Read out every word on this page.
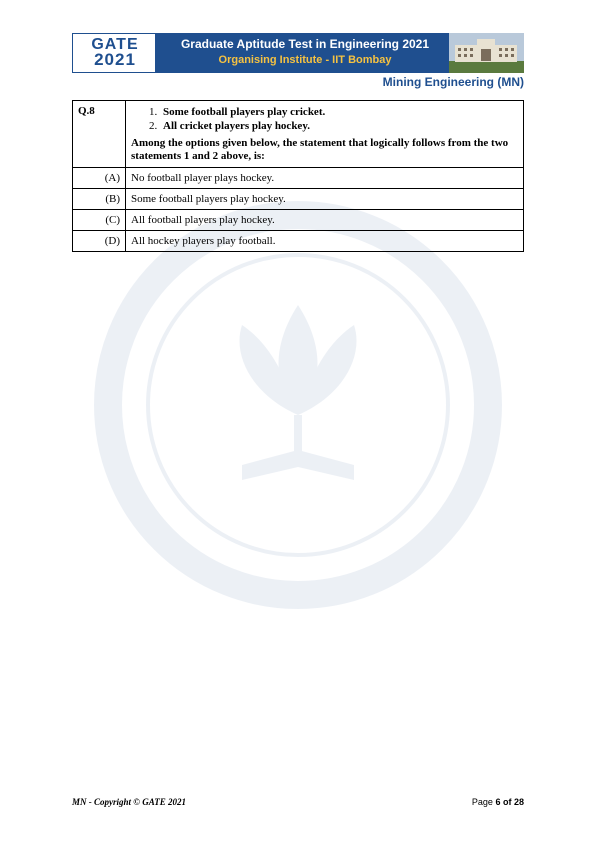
GATE
2021
Graduate Aptitude Test in Engineering 2021
Organising Institute - IIT Bombay
Mining Engineering (MN)
Q.8	1. Some football players play cricket.
2. All cricket players play hockey.
Among the options given below, the statement that logically follows from the two statements 1 and 2 above, is:

(A)	No football player plays hockey.
(B)	Some football players play hockey.
(C)	All football players play hockey.
(D)	All hockey players play football.
MN - Copyright © GATE 2021	Page 6 of 28
